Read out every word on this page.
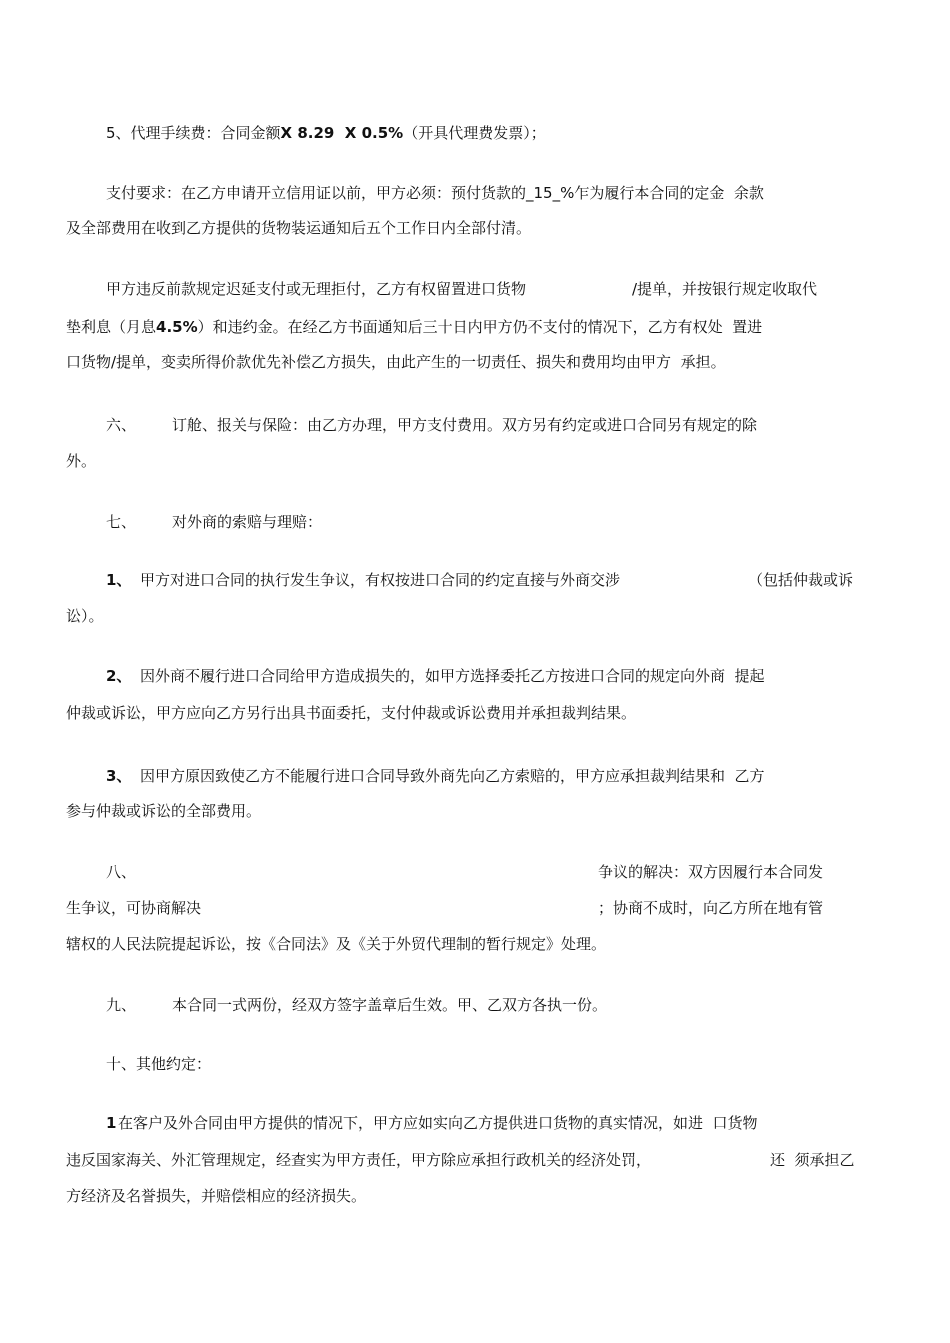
5、代理手续费：合同金额X 8.29  X 0.5%（开具代理费发票）；
支付要求：在乙方申请开立信用证以前，甲方必须：预付货款的_15_%乍为履行本合同的定金  余款
及全部费用在收到乙方提供的货物装运通知后五个工作日内全部付清。
甲方违反前款规定迟延支付或无理拒付，乙方有权留置进口货物	/提单，并按银行规定收取代
垫利息（月息4.5%）和违约金。在经乙方书面通知后三十日内甲方仍不支付的情况下，乙方有权处  置进
口货物/提单，变卖所得价款优先补偿乙方损失，由此产生的一切责任、损失和费用均由甲方  承担。
六、 订舱、报关与保险：由乙方办理，甲方支付费用。双方另有约定或进口合同另有规定的除
外。
七、 对外商的索赔与理赔：
1、 甲方对进口合同的执行发生争议，有权按进口合同的约定直接与外商交涉	（包括仲裁或诉
讼）。
2、 因外商不履行进口合同给甲方造成损失的，如甲方选择委托乙方按进口合同的规定向外商  提起
仲裁或诉讼，甲方应向乙方另行出具书面委托，支付仲裁或诉讼费用并承担裁判结果。
3、 因甲方原因致使乙方不能履行进口合同导致外商先向乙方索赔的，甲方应承担裁判结果和  乙方
参与仲裁或诉讼的全部费用。
八、	争议的解决：双方因履行本合同发
生争议，可协商解决	；协商不成时，向乙方所在地有管
辖权的人民法院提起诉讼，按《合同法》及《关于外贸代理制的暂行规定》处理。
九、 本合同一式两份，经双方签字盖章后生效。甲、乙双方各执一份。
十、其他约定：
1 在客户及外合同由甲方提供的情况下，甲方应如实向乙方提供进口货物的真实情况，如进  口货物
违反国家海关、外汇管理规定，经查实为甲方责任，甲方除应承担行政机关的经济处罚，	还  须承担乙
方经济及名誉损失，并赔偿相应的经济损失。
